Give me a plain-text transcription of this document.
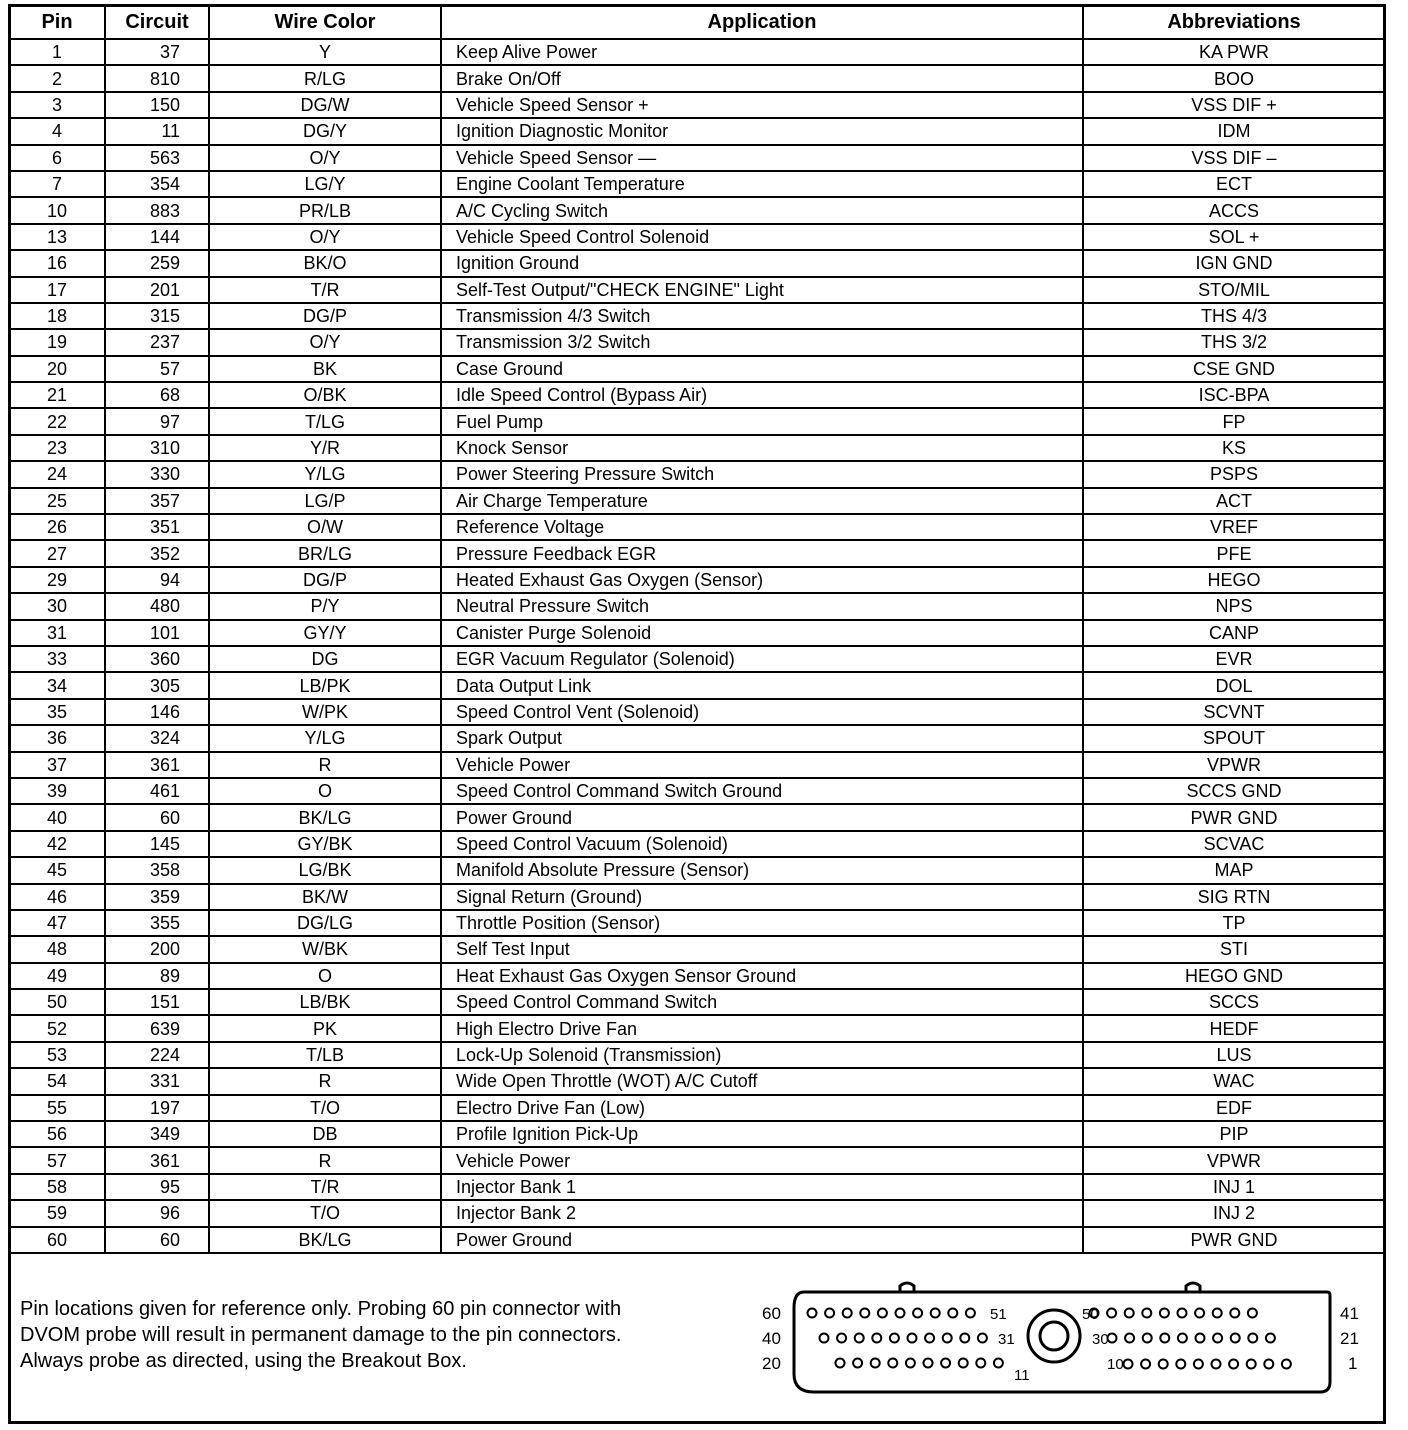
Pin	Circuit	Wire Color	Application	Abbreviations
1	37	Y	Keep Alive Power	KA PWR
2	810	R/LG	Brake On/Off	BOO
3	150	DG/W	Vehicle Speed Sensor +	VSS DIF +
4	11	DG/Y	Ignition Diagnostic Monitor	IDM
6	563	O/Y	Vehicle Speed Sensor —	VSS DIF –
7	354	LG/Y	Engine Coolant Temperature	ECT
10	883	PR/LB	A/C Cycling Switch	ACCS
13	144	O/Y	Vehicle Speed Control Solenoid	SOL +
16	259	BK/O	Ignition Ground	IGN GND
17	201	T/R	Self-Test Output/"CHECK ENGINE" Light	STO/MIL
18	315	DG/P	Transmission 4/3 Switch	THS 4/3
19	237	O/Y	Transmission 3/2 Switch	THS 3/2
20	57	BK	Case Ground	CSE GND
21	68	O/BK	Idle Speed Control (Bypass Air)	ISC-BPA
22	97	T/LG	Fuel Pump	FP
23	310	Y/R	Knock Sensor	KS
24	330	Y/LG	Power Steering Pressure Switch	PSPS
25	357	LG/P	Air Charge Temperature	ACT
26	351	O/W	Reference Voltage	VREF
27	352	BR/LG	Pressure Feedback EGR	PFE
29	94	DG/P	Heated Exhaust Gas Oxygen (Sensor)	HEGO
30	480	P/Y	Neutral Pressure Switch	NPS
31	101	GY/Y	Canister Purge Solenoid	CANP
33	360	DG	EGR Vacuum Regulator (Solenoid)	EVR
34	305	LB/PK	Data Output Link	DOL
35	146	W/PK	Speed Control Vent (Solenoid)	SCVNT
36	324	Y/LG	Spark Output	SPOUT
37	361	R	Vehicle Power	VPWR
39	461	O	Speed Control Command Switch Ground	SCCS GND
40	60	BK/LG	Power Ground	PWR GND
42	145	GY/BK	Speed Control Vacuum (Solenoid)	SCVAC
45	358	LG/BK	Manifold Absolute Pressure (Sensor)	MAP
46	359	BK/W	Signal Return (Ground)	SIG RTN
47	355	DG/LG	Throttle Position (Sensor)	TP
48	200	W/BK	Self Test Input	STI
49	89	O	Heat Exhaust Gas Oxygen Sensor Ground	HEGO GND
50	151	LB/BK	Speed Control Command Switch	SCCS
52	639	PK	High Electro Drive Fan	HEDF
53	224	T/LB	Lock-Up Solenoid (Transmission)	LUS
54	331	R	Wide Open Throttle (WOT) A/C Cutoff	WAC
55	197	T/O	Electro Drive Fan (Low)	EDF
56	349	DB	Profile Ignition Pick-Up	PIP
57	361	R	Vehicle Power	VPWR
58	95	T/R	Injector Bank 1	INJ 1
59	96	T/O	Injector Bank 2	INJ 2
60	60	BK/LG	Power Ground	PWR GND
Pin locations given for reference only. Probing 60 pin connector with
DVOM probe will result in permanent damage to the pin connectors.
Always probe as directed, using the Breakout Box.
60
40
20
41
21
1
51
31
11
50
30
10
